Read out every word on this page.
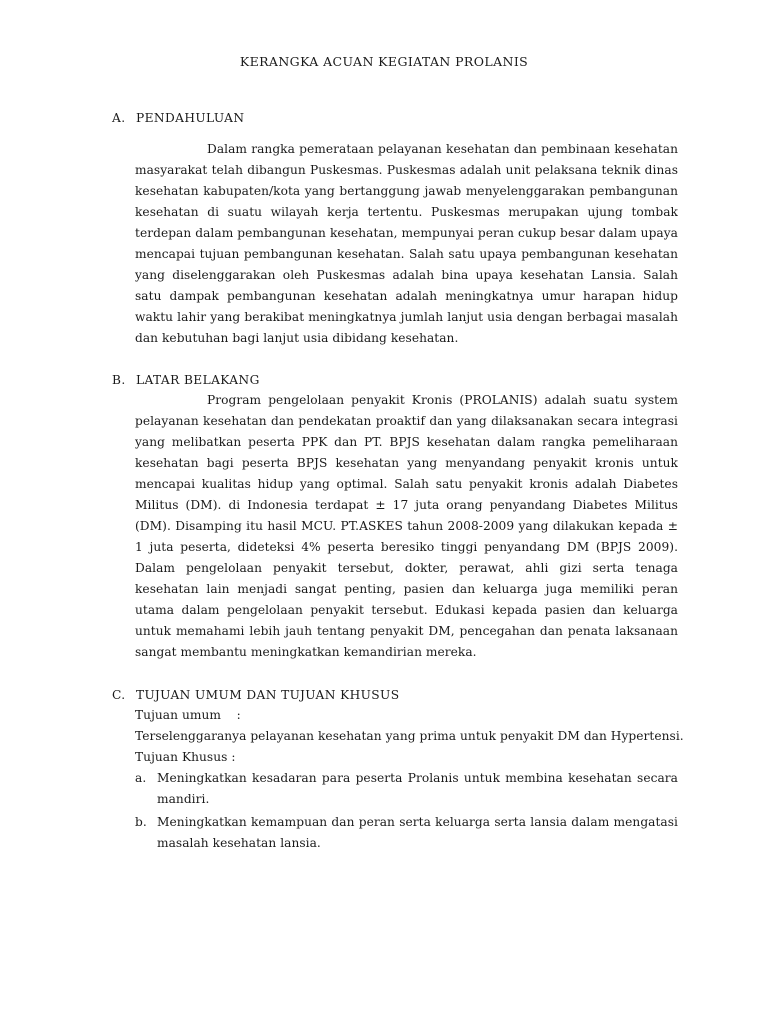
KERANGKA ACUAN KEGIATAN PROLANIS
A. PENDAHULUAN
Dalam rangka pemerataan pelayanan kesehatan dan pembinaan kesehatan masyarakat telah dibangun Puskesmas. Puskesmas adalah unit pelaksana teknik dinas kesehatan kabupaten/kota yang bertanggung jawab menyelenggarakan pembangunan kesehatan di suatu wilayah kerja tertentu. Puskesmas merupakan ujung tombak terdepan dalam pembangunan kesehatan, mempunyai peran cukup besar dalam upaya mencapai tujuan pembangunan kesehatan. Salah satu upaya pembangunan kesehatan yang diselenggarakan oleh Puskesmas adalah bina upaya kesehatan Lansia. Salah satu dampak pembangunan kesehatan adalah meningkatnya umur harapan hidup waktu lahir yang berakibat meningkatnya jumlah lanjut usia dengan berbagai masalah dan kebutuhan bagi lanjut usia dibidang kesehatan.
B. LATAR BELAKANG
Program pengelolaan penyakit Kronis (PROLANIS) adalah suatu system pelayanan kesehatan dan pendekatan proaktif dan yang dilaksanakan secara integrasi yang melibatkan peserta PPK dan PT. BPJS kesehatan dalam rangka pemeliharaan kesehatan bagi peserta BPJS kesehatan yang menyandang penyakit kronis untuk mencapai kualitas hidup yang optimal. Salah satu penyakit kronis adalah Diabetes Militus (DM). di Indonesia terdapat ± 17 juta orang penyandang Diabetes Militus (DM). Disamping itu hasil MCU. PT.ASKES tahun 2008-2009 yang dilakukan kepada ± 1 juta peserta, dideteksi 4% peserta beresiko tinggi penyandang DM (BPJS 2009). Dalam pengelolaan penyakit tersebut, dokter, perawat, ahli gizi serta tenaga kesehatan lain menjadi sangat penting, pasien dan keluarga juga memiliki peran utama dalam pengelolaan penyakit tersebut. Edukasi kepada pasien dan keluarga untuk memahami lebih jauh tentang penyakit DM, pencegahan dan penata laksanaan sangat membantu meningkatkan kemandirian mereka.
C. TUJUAN UMUM DAN TUJUAN KHUSUS
Tujuan umum    :
Terselenggaranya pelayanan kesehatan yang prima untuk penyakit DM dan Hypertensi.
Tujuan Khusus :
a. Meningkatkan kesadaran para peserta Prolanis untuk membina kesehatan secara mandiri.
b. Meningkatkan kemampuan dan peran serta keluarga serta lansia dalam mengatasi masalah kesehatan lansia.
